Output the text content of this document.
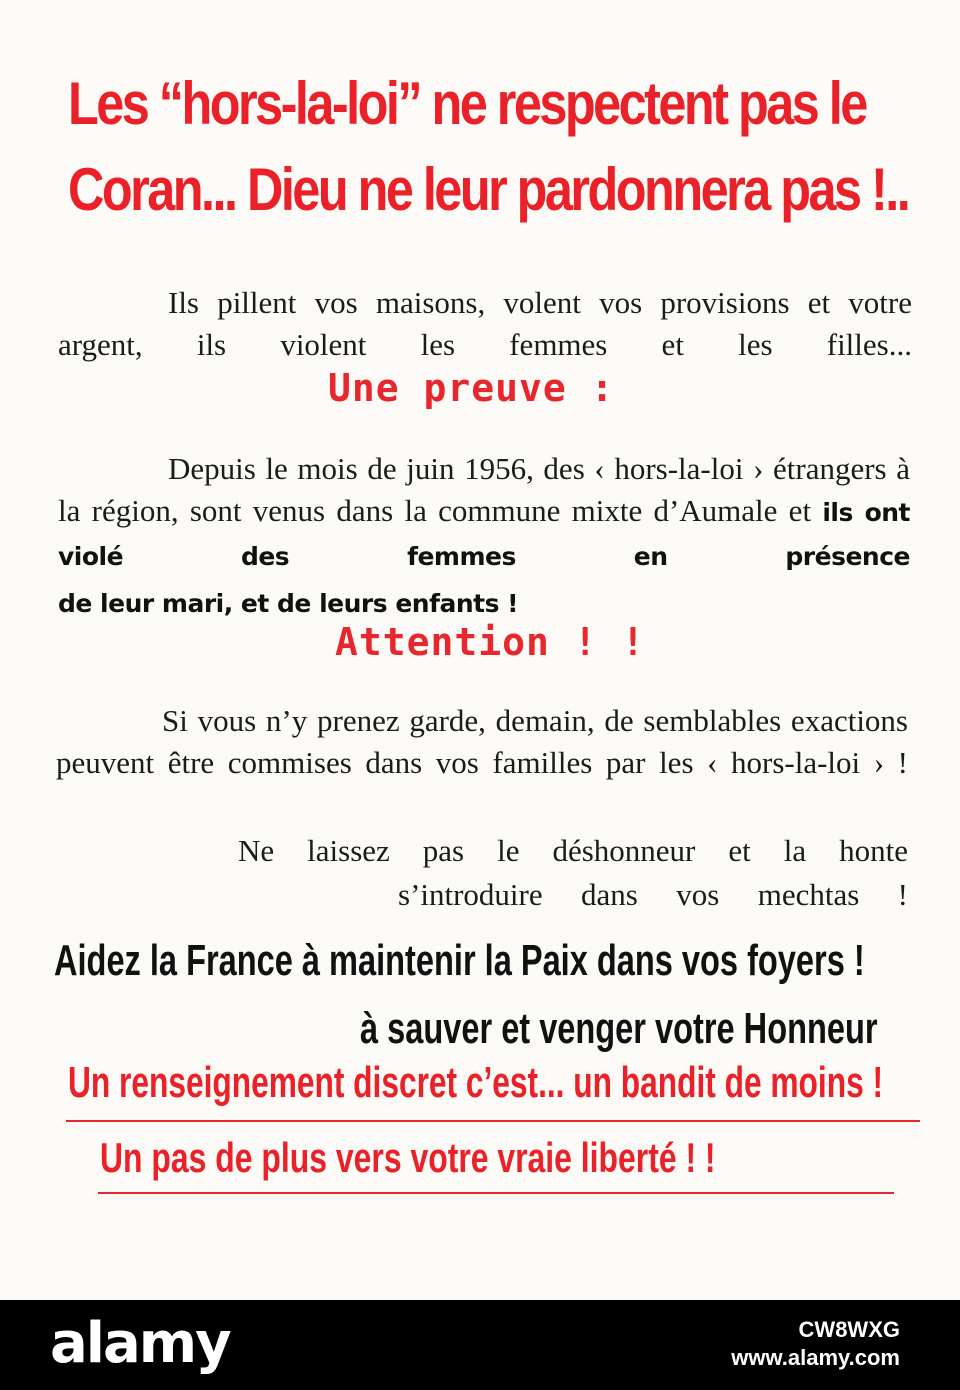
Les “hors-la-loi” ne respectent pas le

Coran... Dieu ne leur pardonnera pas !..

Ils pillent vos maisons, volent vos provisions et votre argent, ils violent les femmes et les filles...

Une preuve :

Depuis le mois de juin 1956, des ‹ hors-la-loi › étrangers à la région, sont venus dans la commune mixte d’Aumale et ils ont violé des femmes en présence

de leur mari, et de leurs enfants !

Attention ! !

Si vous n’y prenez garde, demain, de semblables exactions peuvent être commises dans vos familles par les ‹ hors-la-loi › !

Ne laissez pas le déshonneur et la honte

s’introduire dans vos mechtas !

Aidez la France à maintenir la Paix dans vos foyers !

à sauver et venger votre Honneur

Un renseignement discret c’est... un bandit de moins !

Un pas de plus vers votre vraie liberté ! !

alamy	CW8WXG
www.alamy.com
